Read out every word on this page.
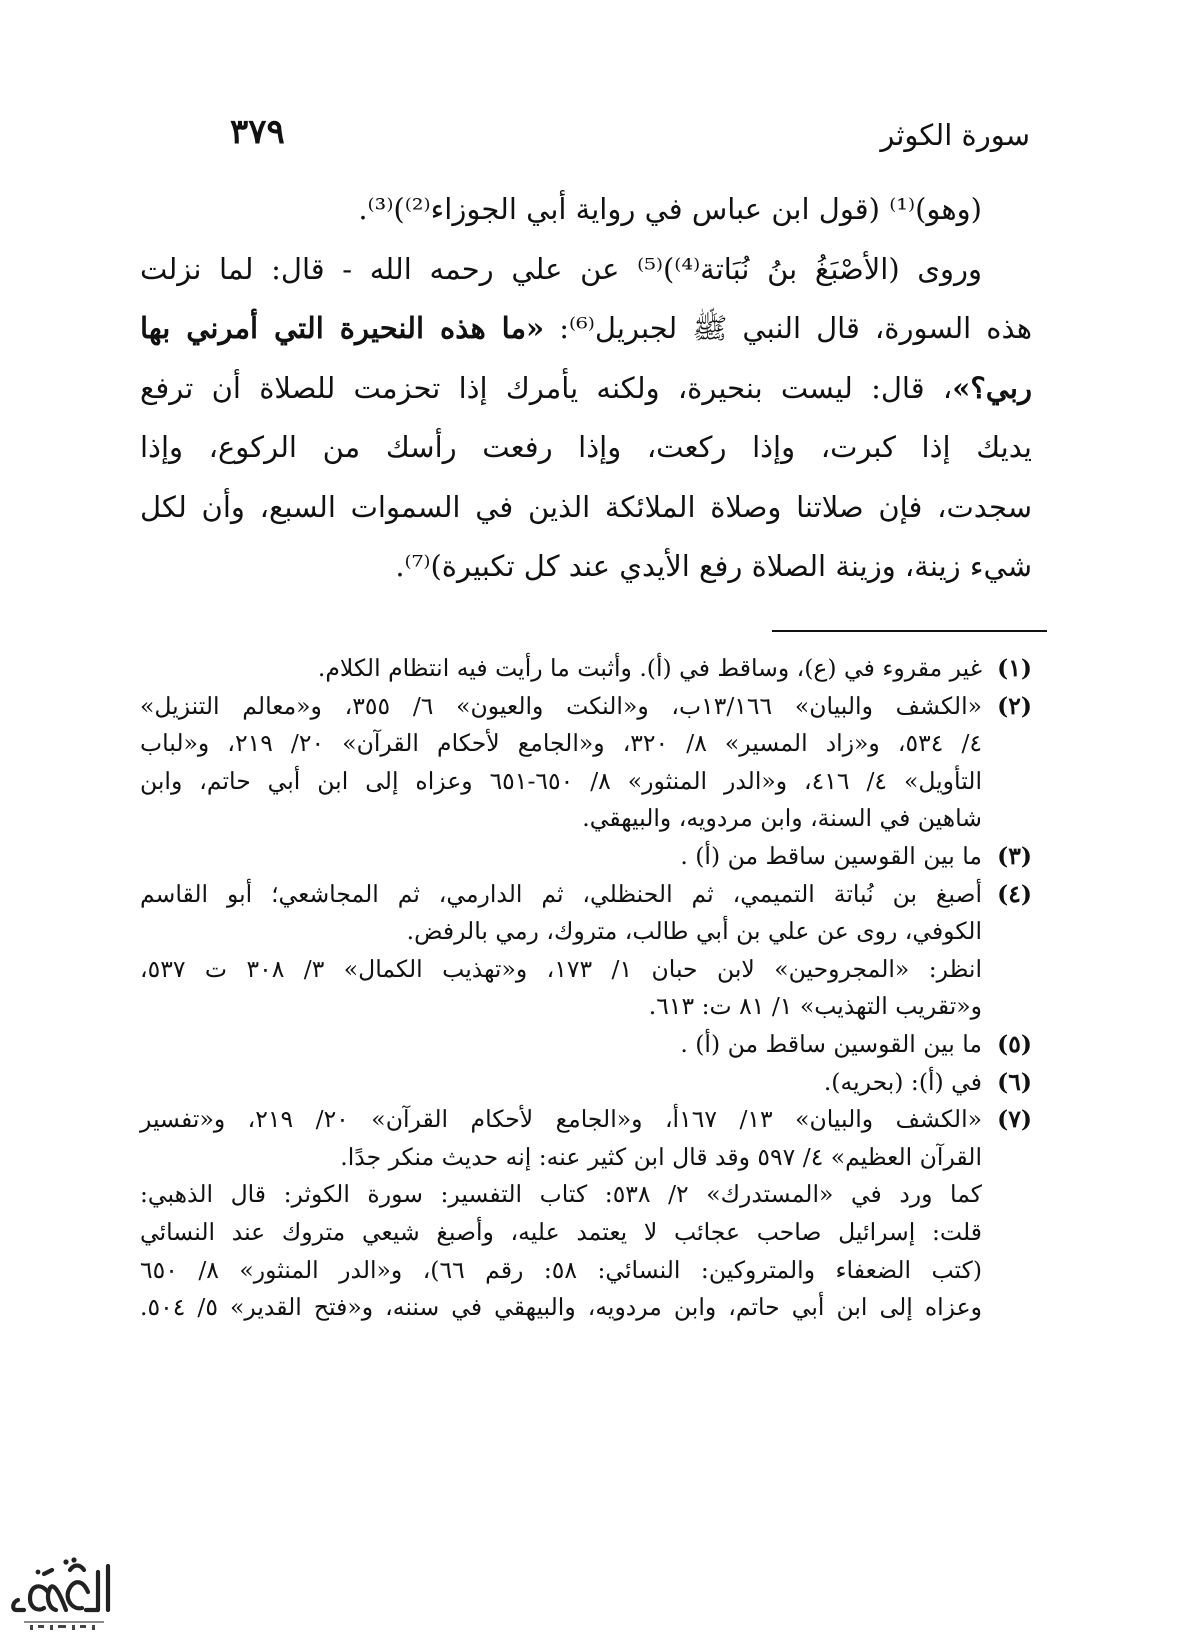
سورة الكوثر
٣٧٩
(وهو)⁽¹⁾ (قول ابن عباس في رواية أبي الجوزاء⁽²⁾)⁽³⁾.
وروى (الأصْبَغُ بنُ نُبَاتة⁽⁴⁾)⁽⁵⁾ عن علي رحمه الله - قال: لما نزلت
هذه السورة، قال النبي ﷺ لجبريل⁽⁶⁾: «ما هذه النحيرة التي أمرني بها
ربي؟»، قال: ليست بنحيرة، ولكنه يأمرك إذا تحزمت للصلاة أن ترفع
يديك إذا كبرت، وإذا ركعت، وإذا رفعت رأسك من الركوع، وإذا
سجدت، فإن صلاتنا وصلاة الملائكة الذين في السموات السبع، وأن لكل
شيء زينة، وزينة الصلاة رفع الأيدي عند كل تكبيرة)⁽⁷⁾.
(١)
غير مقروء في (ع)، وساقط في (أ). وأثبت ما رأيت فيه انتظام الكلام.
(٢)
«الكشف والبيان» ١٣/١٦٦ب، و«النكت والعيون» ٦/ ٣٥٥، و«معالم التنزيل»
٤/ ٥٣٤، و«زاد المسير» ٨/ ٣٢٠، و«الجامع لأحكام القرآن» ٢٠/ ٢١٩، و«لباب
التأويل» ٤/ ٤١٦، و«الدر المنثور» ٨/ ٦٥٠-٦٥١ وعزاه إلى ابن أبي حاتم، وابن
شاهين في السنة، وابن مردويه، والبيهقي.
(٣)
ما بين القوسين ساقط من (أ) .
(٤)
أصبغ بن نُباتة التميمي، ثم الحنظلي، ثم الدارمي، ثم المجاشعي؛ أبو القاسم
الكوفي، روى عن علي بن أبي طالب، متروك، رمي بالرفض.
انظر: «المجروحين» لابن حبان ١/ ١٧٣، و«تهذيب الكمال» ٣/ ٣٠٨ ت ٥٣٧،
و«تقريب التهذيب» ١/ ٨١ ت: ٦١٣.
(٥)
ما بين القوسين ساقط من (أ) .
(٦)
في (أ): (بحريه).
(٧)
«الكشف والبيان» ١٣/ ١٦٧أ، و«الجامع لأحكام القرآن» ٢٠/ ٢١٩، و«تفسير
القرآن العظيم» ٤/ ٥٩٧ وقد قال ابن كثير عنه: إنه حديث منكر جدًا.
كما ورد في «المستدرك» ٢/ ٥٣٨: كتاب التفسير: سورة الكوثر: قال الذهبي:
قلت: إسرائيل صاحب عجائب لا يعتمد عليه، وأصبغ شيعي متروك عند النسائي
(كتب الضعفاء والمتروكين: النسائي: ٥٨: رقم ٦٦)، و«الدر المنثور» ٨/ ٦٥٠
وعزاه إلى ابن أبي حاتم، وابن مردويه، والبيهقي في سننه، و«فتح القدير» ٥/ ٥٠٤.
